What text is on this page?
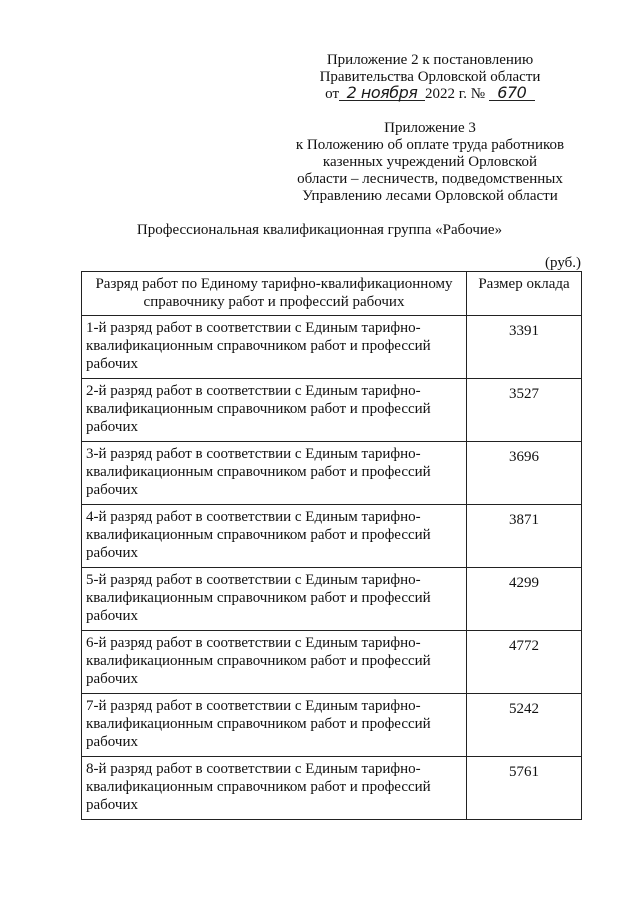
Приложение 2 к постановлению
Правительства Орловской области
от 2 ноября 2022 г. № 670
Приложение 3
к Положению об оплате труда работников
казенных учреждений Орловской
области – лесничеств, подведомственных
Управлению лесами Орловской области
Профессиональная квалификационная группа «Рабочие»
(руб.)
Разряд работ по Единому тарифно-квалификационному справочнику работ и профессий рабочих	Размер оклада
1-й разряд работ в соответствии с Единым тарифно-квалификационным справочником работ и профессий рабочих	3391
2-й разряд работ в соответствии с Единым тарифно-квалификационным справочником работ и профессий рабочих	3527
3-й разряд работ в соответствии с Единым тарифно-квалификационным справочником работ и профессий рабочих	3696
4-й разряд работ в соответствии с Единым тарифно-квалификационным справочником работ и профессий рабочих	3871
5-й разряд работ в соответствии с Единым тарифно-квалификационным справочником работ и профессий рабочих	4299
6-й разряд работ в соответствии с Единым тарифно-квалификационным справочником работ и профессий рабочих	4772
7-й разряд работ в соответствии с Единым тарифно-квалификационным справочником работ и профессий рабочих	5242
8-й разряд работ в соответствии с Единым тарифно-квалификационным справочником работ и профессий рабочих	5761
